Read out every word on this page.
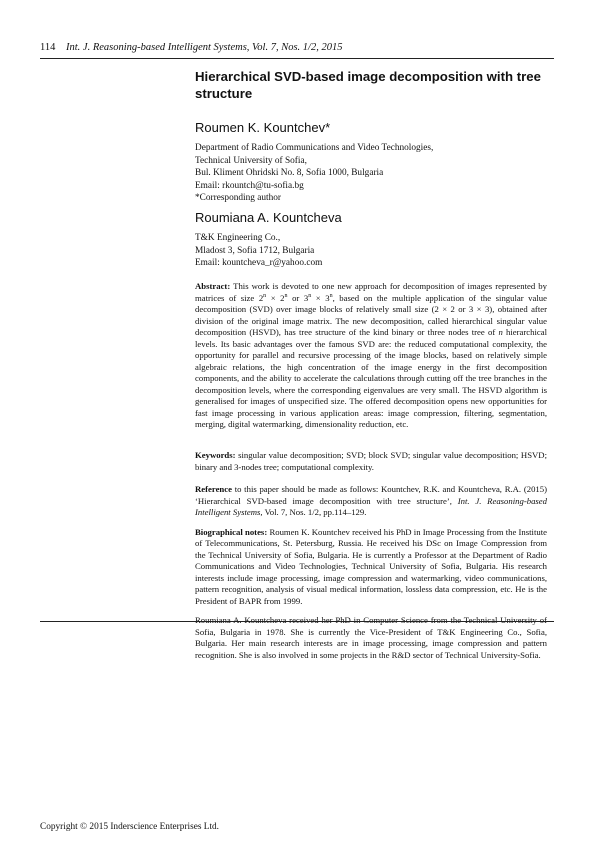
114 Int. J. Reasoning-based Intelligent Systems, Vol. 7, Nos. 1/2, 2015
Hierarchical SVD-based image decomposition with tree structure
Roumen K. Kountchev*
Department of Radio Communications and Video Technologies,
Technical University of Sofia,
Bul. Kliment Ohridski No. 8, Sofia 1000, Bulgaria
Email: rkountch@tu-sofia.bg
*Corresponding author
Roumiana A. Kountcheva
T&K Engineering Co.,
Mladost 3, Sofia 1712, Bulgaria
Email: kountcheva_r@yahoo.com
Abstract: This work is devoted to one new approach for decomposition of images represented by matrices of size $2^n \times 2^n$ or $3^n \times 3^n$, based on the multiple application of the singular value decomposition (SVD) over image blocks of relatively small size (2 × 2 or 3 × 3), obtained after division of the original image matrix. The new decomposition, called hierarchical singular value decomposition (HSVD), has tree structure of the kind binary or three nodes tree of n hierarchical levels. Its basic advantages over the famous SVD are: the reduced computational complexity, the opportunity for parallel and recursive processing of the image blocks, based on relatively simple algebraic relations, the high concentration of the image energy in the first decomposition components, and the ability to accelerate the calculations through cutting off the tree branches in the decomposition levels, where the corresponding eigenvalues are very small. The HSVD algorithm is generalised for images of unspecified size. The offered decomposition opens new opportunities for fast image processing in various application areas: image compression, filtering, segmentation, merging, digital watermarking, dimensionality reduction, etc.
Keywords: singular value decomposition; SVD; block SVD; singular value decomposition; HSVD; binary and 3-nodes tree; computational complexity.
Reference to this paper should be made as follows: Kountchev, R.K. and Kountcheva, R.A. (2015) ‘Hierarchical SVD-based image decomposition with tree structure’, Int. J. Reasoning-based Intelligent Systems, Vol. 7, Nos. 1/2, pp.114–129.
Biographical notes: Roumen K. Kountchev received his PhD in Image Processing from the Institute of Telecommunications, St. Petersburg, Russia. He received his DSc on Image Compression from the Technical University of Sofia, Bulgaria. He is currently a Professor at the Department of Radio Communications and Video Technologies, Technical University of Sofia, Bulgaria. His research interests include image processing, image compression and watermarking, video communications, pattern recognition, analysis of visual medical information, lossless data compression, etc. He is the President of BAPR from 1999.
Roumiana A. Kountcheva received her PhD in Computer Science from the Technical University of Sofia, Bulgaria in 1978. She is currently the Vice-President of T&K Engineering Co., Sofia, Bulgaria. Her main research interests are in image processing, image compression and pattern recognition. She is also involved in some projects in the R&D sector of Technical University-Sofia.
Copyright © 2015 Inderscience Enterprises Ltd.
